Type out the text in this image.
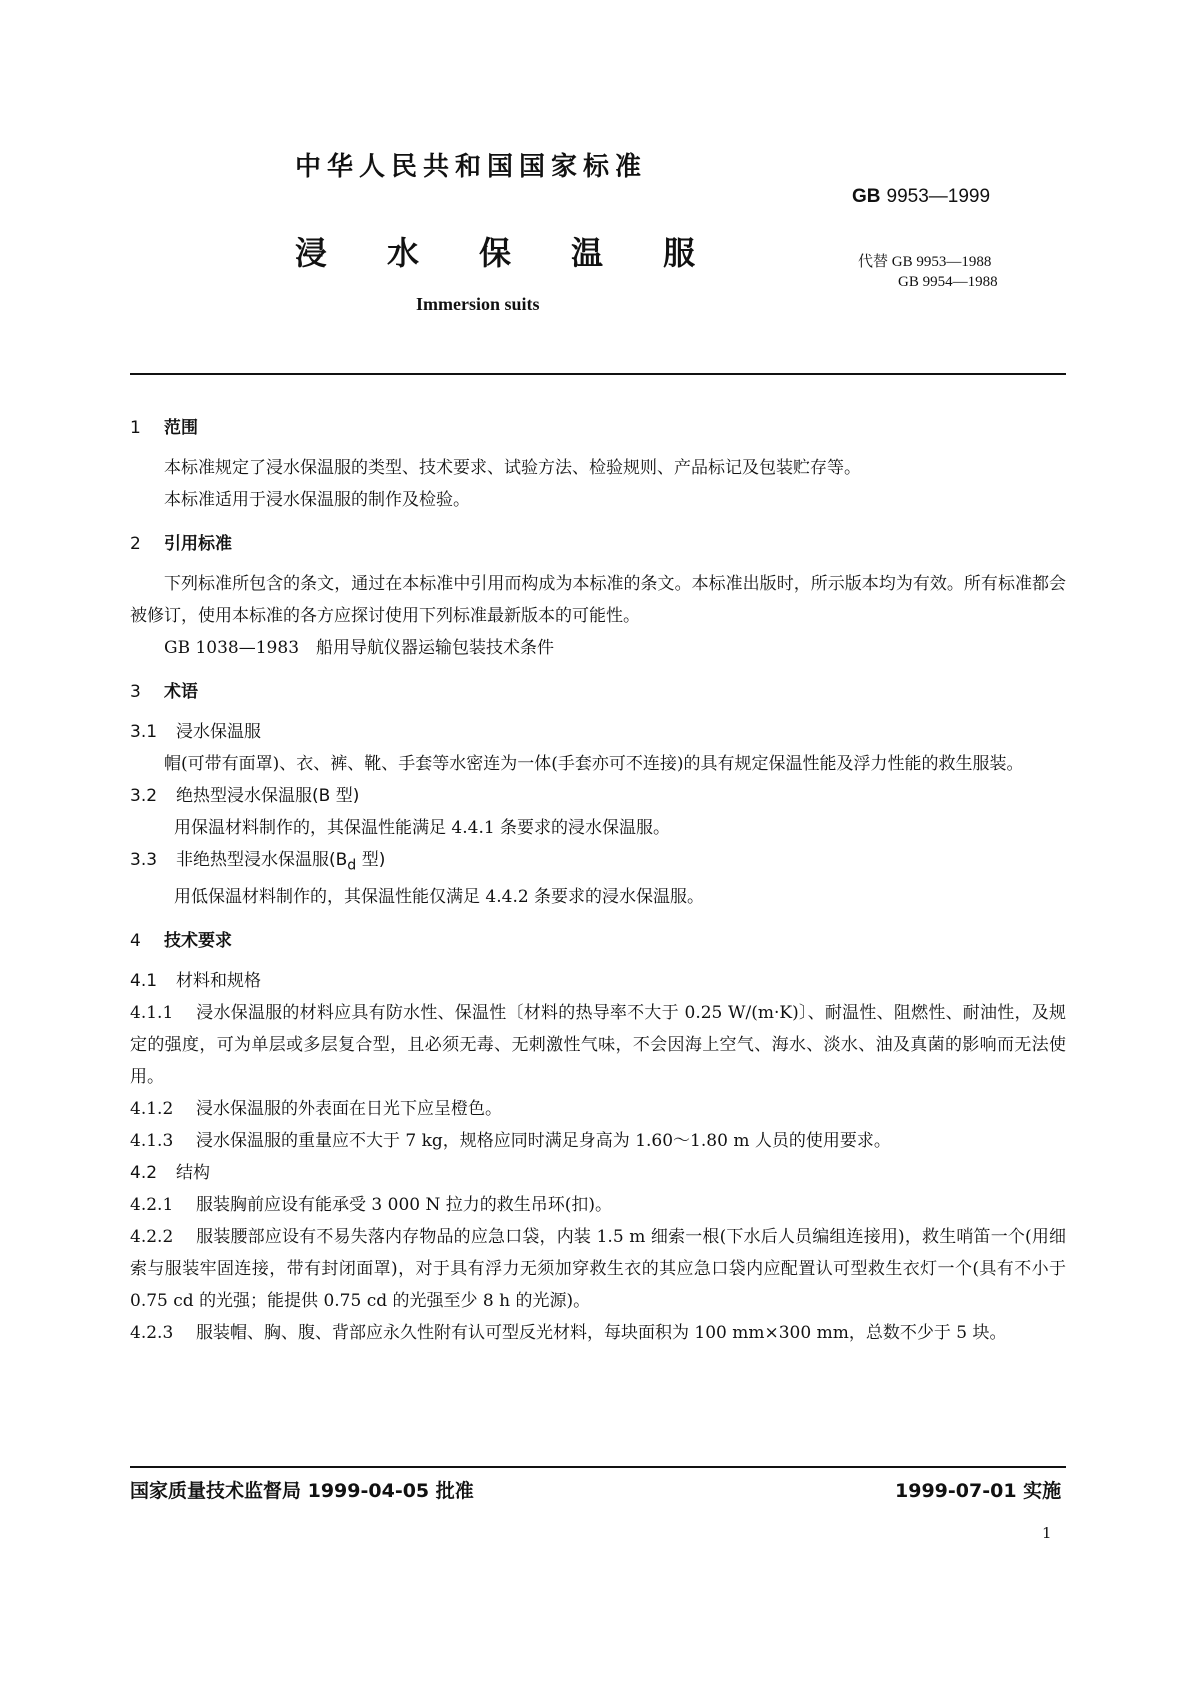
中华人民共和国国家标准
GB 9953—1999
浸水保温服	代替 GB 9953—1988
GB 9954—1988
Immersion suits
1 范围
本标准规定了浸水保温服的类型、技术要求、试验方法、检验规则、产品标记及包装贮存等。
本标准适用于浸水保温服的制作及检验。
2 引用标准
下列标准所包含的条文，通过在本标准中引用而构成为本标准的条文。本标准出版时，所示版本均为有效。所有标准都会被修订，使用本标准的各方应探讨使用下列标准最新版本的可能性。
GB 1038—1983　船用导航仪器运输包装技术条件
3 术语
3.1 浸水保温服
帽(可带有面罩)、衣、裤、靴、手套等水密连为一体(手套亦可不连接)的具有规定保温性能及浮力性能的救生服装。
3.2 绝热型浸水保温服(B 型)
用保温材料制作的，其保温性能满足 4.4.1 条要求的浸水保温服。
3.3 非绝热型浸水保温服($B_d$ 型)
用低保温材料制作的，其保温性能仅满足 4.4.2 条要求的浸水保温服。
4 技术要求
4.1 材料和规格
4.1.1 浸水保温服的材料应具有防水性、保温性〔材料的热导率不大于 0.25 W/(m·K)〕、耐温性、阻燃性、耐油性，及规定的强度，可为单层或多层复合型，且必须无毒、无刺激性气味，不会因海上空气、海水、淡水、油及真菌的影响而无法使用。
4.1.2 浸水保温服的外表面在日光下应呈橙色。
4.1.3 浸水保温服的重量应不大于 7 kg，规格应同时满足身高为 1.60～1.80 m 人员的使用要求。
4.2 结构
4.2.1 服装胸前应设有能承受 3 000 N 拉力的救生吊环(扣)。
4.2.2 服装腰部应设有不易失落内存物品的应急口袋，内装 1.5 m 细索一根(下水后人员编组连接用)，救生哨笛一个(用细索与服装牢固连接，带有封闭面罩)，对于具有浮力无须加穿救生衣的其应急口袋内应配置认可型救生衣灯一个(具有不小于 0.75 cd 的光强；能提供 0.75 cd 的光强至少 8 h 的光源)。
4.2.3 服装帽、胸、腹、背部应永久性附有认可型反光材料，每块面积为 100 mm×300 mm，总数不少于 5 块。
国家质量技术监督局 1999-04-05 批准	1999-07-01 实施
1
